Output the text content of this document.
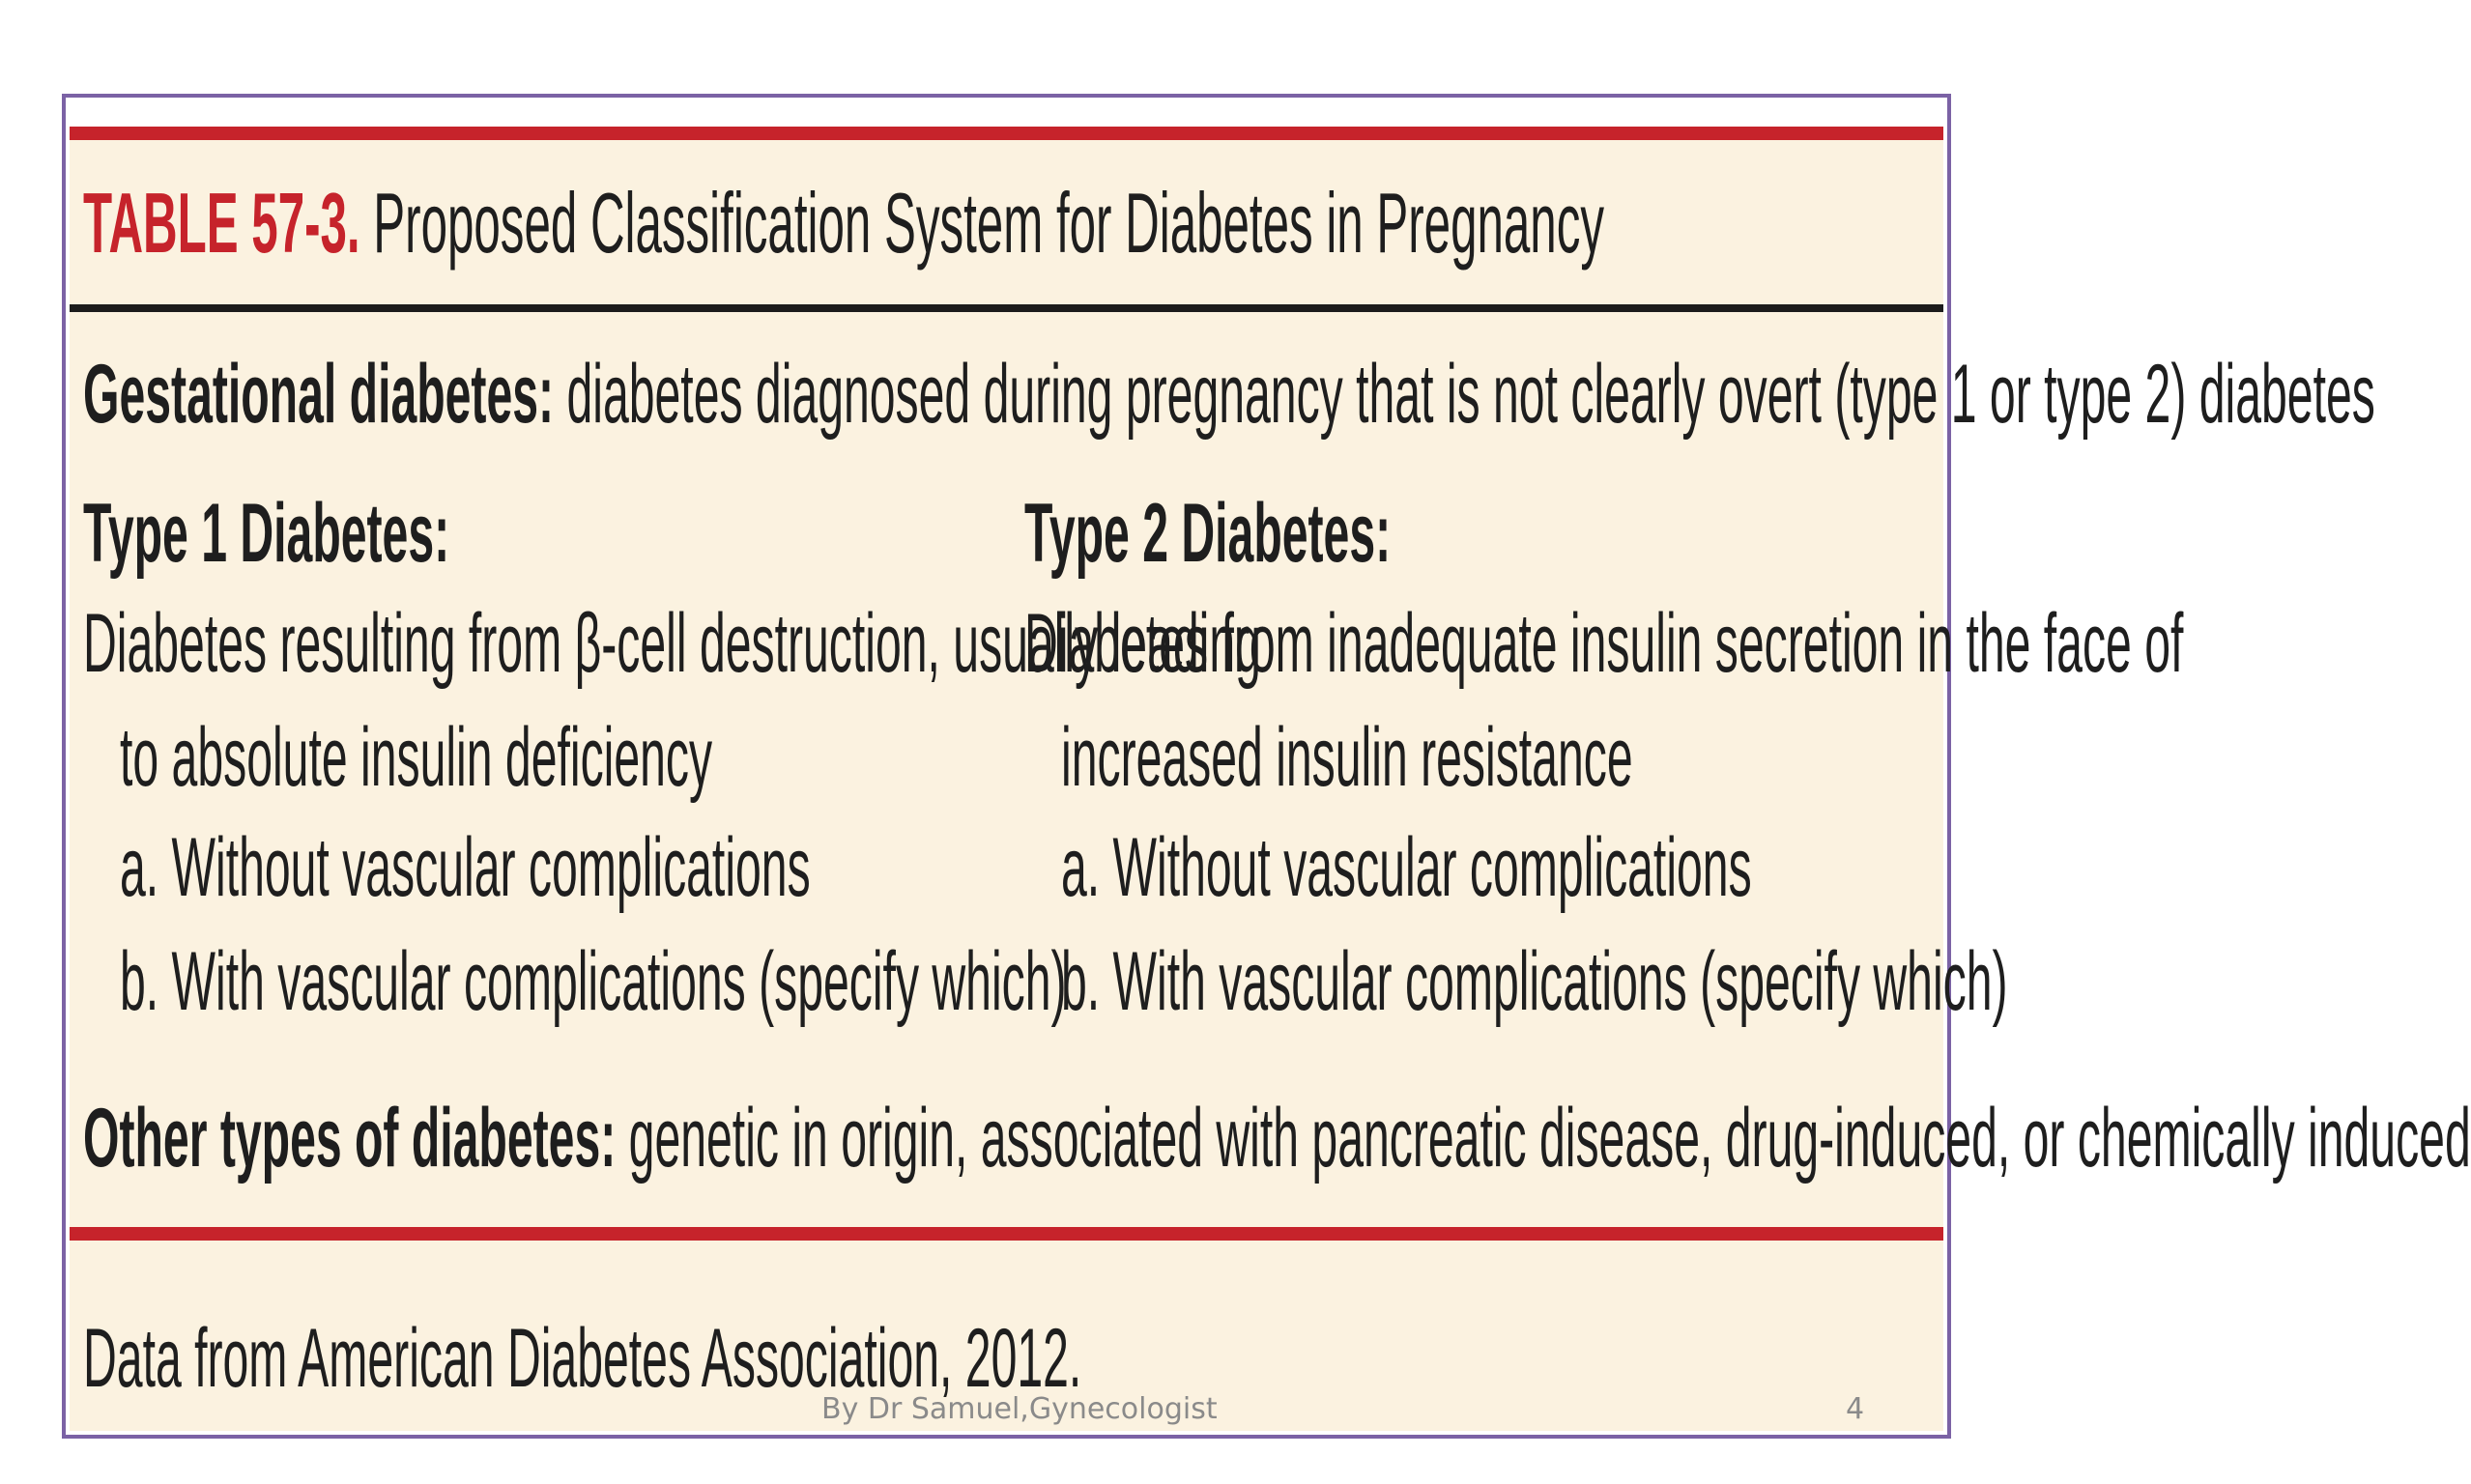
TABLE 57-3. Proposed Classification System for Diabetes in Pregnancy
Gestational diabetes: diabetes diagnosed during pregnancy that is not clearly overt (type 1 or type 2) diabetes
Type 1 Diabetes:
Diabetes resulting from β-cell destruction, usually leading
to absolute insulin deficiency
a. Without vascular complications
b. With vascular complications (specify which)
Type 2 Diabetes:
Diabetes from inadequate insulin secretion in the face of
increased insulin resistance
a. Without vascular complications
b. With vascular complications (specify which)
Other types of diabetes: genetic in origin, associated with pancreatic disease, drug-induced, or chemically induced
Data from American Diabetes Association, 2012.
By Dr Samuel,Gynecologist	4
